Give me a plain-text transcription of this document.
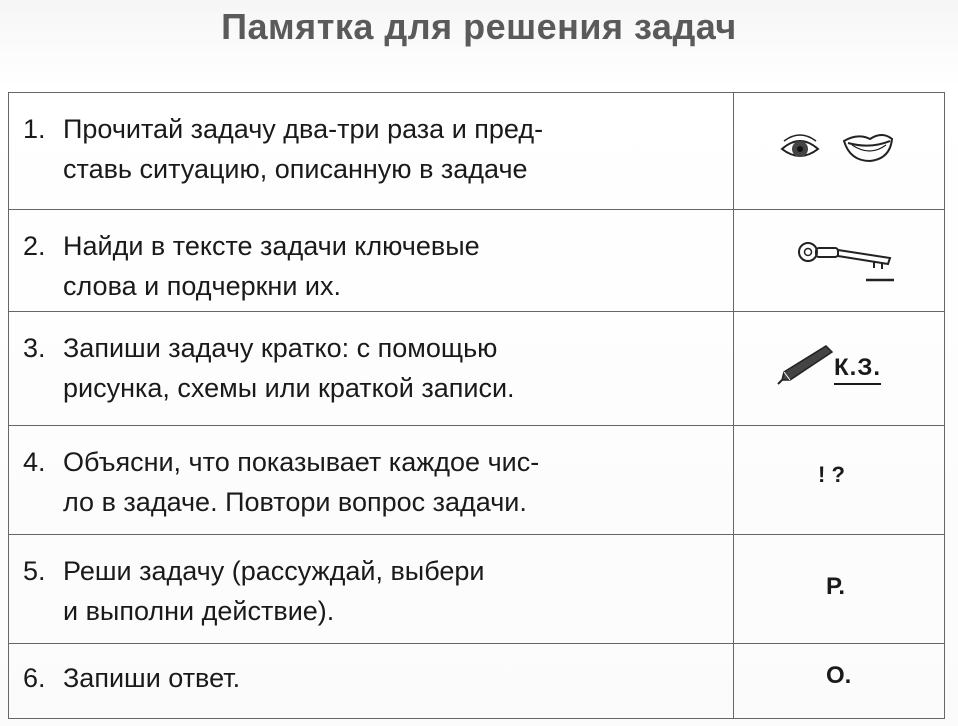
Памятка для решения задач
1. Прочитай задачу два-три раза и пред-
ставь ситуацию, описанную в задаче
2. Найди в тексте задачи ключевые
слова и подчеркни их.
3. Запиши задачу кратко: с помощью
рисунка, схемы или краткой записи.
К.З.
4. Объясни, что показывает каждое чис-
ло в задаче. Повтори вопрос задачи.
! ?
5. Реши задачу (рассуждай, выбери
и выполни действие).
Р.
6. Запиши ответ.	О.
